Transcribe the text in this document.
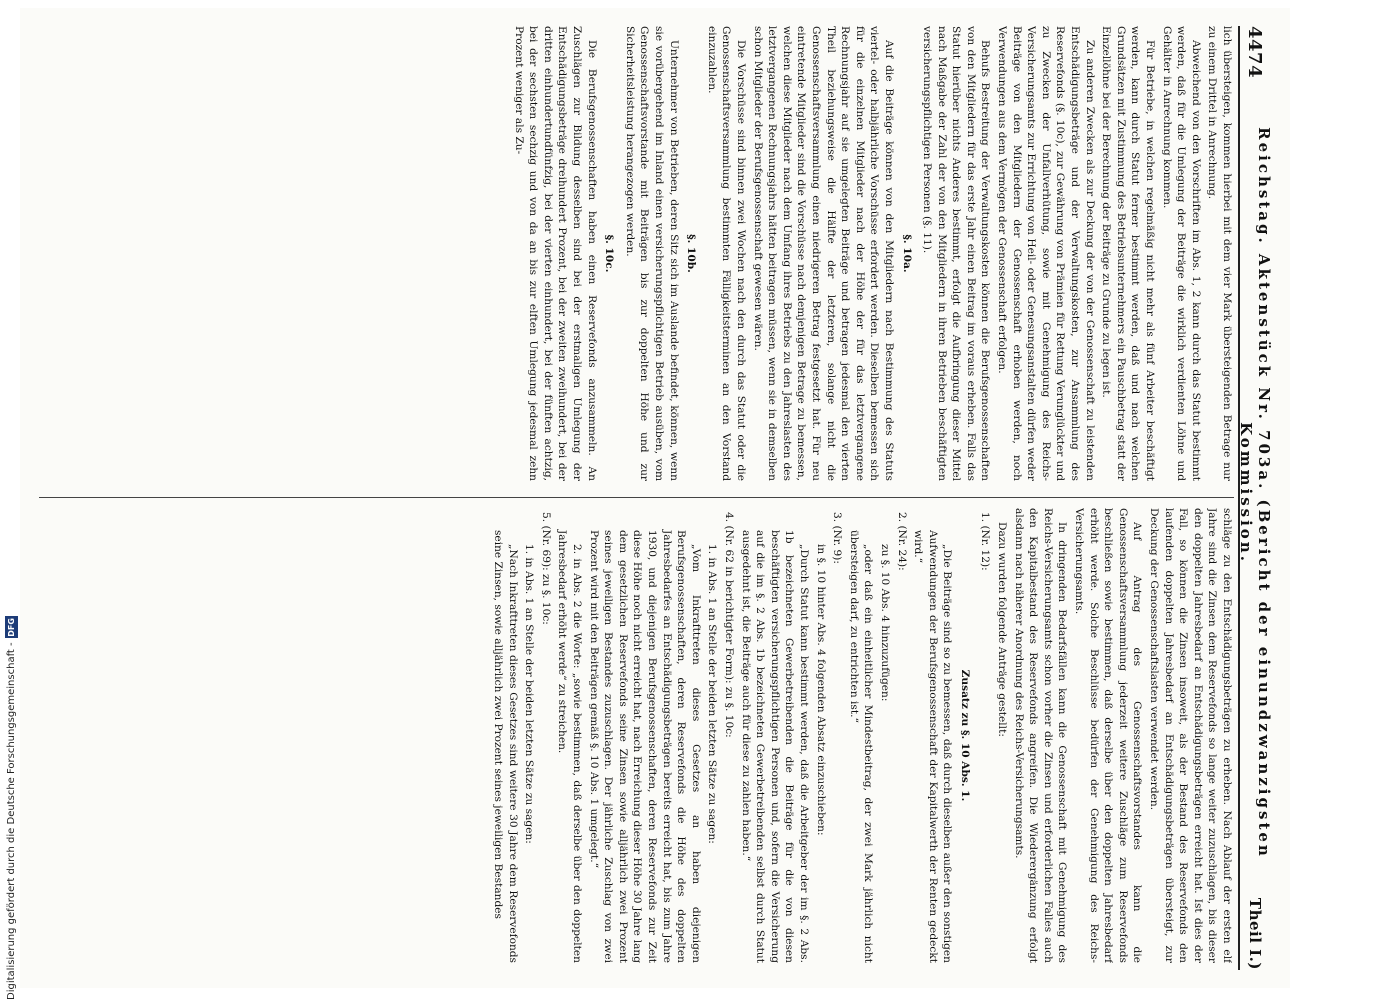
4474
Reichstag. Aktenstück Nr. 703a. (Bericht der einundzwanzigsten Kommission.
Theil I.)

lich übersteigen, kommen hierbei mit dem vier Mark übersteigenden Betrage nur zu einem Drittel in Anrechnung.

Abweichend von den Vorschriften im Abs. 1, 2 kann durch das Statut bestimmt werden, daß für die Umlegung der Beiträge die wirklich verdienten Löhne und Gehälter in Anrechnung kommen.

Für Betriebe, in welchen regelmäßig nicht mehr als fünf Arbeiter beschäftigt werden, kann durch Statut ferner bestimmt werden, daß und nach welchen Grundsätzen mit Zustimmung des Betriebsunternehmers ein Pauschbetrag statt der Einzellöhne bei der Berechnung der Beiträge zu Grunde zu legen ist.

Zu anderen Zwecken als zur Deckung der von der Genossenschaft zu leistenden Entschädigungsbeträge und der Verwaltungskosten, zur Ansammlung des Reservefonds (§. 10c), zur Gewährung von Prämien für Rettung Verunglückter und zu Zwecken der Unfallverhütung, sowie mit Genehmigung des Reichs-Versicherungsamts zur Errichtung von Heil- oder Genesungsanstalten dürfen weder Beiträge von den Mitgliedern der Genossenschaft erhoben werden, noch Verwendungen aus dem Vermögen der Genossenschaft erfolgen.

Behufs Bestreitung der Verwaltungskosten können die Berufsgenossenschaften von den Mitgliedern für das erste Jahr einen Beitrag im voraus erheben. Falls das Statut hierüber nichts Anderes bestimmt, erfolgt die Aufbringung dieser Mittel nach Maßgabe der Zahl der von den Mitgliedern in ihren Betrieben beschäftigten versicherungspflichtigen Personen (§. 11).

§. 10a.

Auf die Beiträge können von den Mitgliedern nach Bestimmung des Statuts viertel- oder halbjährliche Vorschüsse erfordert werden. Dieselben bemessen sich für die einzelnen Mitglieder nach der Höhe der für das letztvergangene Rechnungsjahr auf sie umgelegten Beiträge und betragen jedesmal den vierten Theil beziehungsweise die Hälfte der letzteren, solange nicht die Genossenschaftsversammlung einen niedrigeren Betrag festgesetzt hat. Für neu eintretende Mitglieder sind die Vorschüsse nach demjenigen Betrage zu bemessen, welchen diese Mitglieder nach dem Umfang ihres Betriebs zu den Jahreslasten des letztvergangenen Rechnungsjahrs hätten beitragen müssen, wenn sie in demselben schon Mitglieder der Berufsgenossenschaft gewesen wären.

Die Vorschüsse sind binnen zwei Wochen nach den durch das Statut oder die Genossenschaftsversammlung bestimmten Fälligkeitsterminen an den Vorstand einzuzahlen.

§. 10b.

Unternehmer von Betrieben, deren Sitz sich im Auslande befindet, können, wenn sie vorübergehend im Inland einen versicherungspflichtigen Betrieb ausüben, vom Genossenschaftsvorstande mit Beiträgen bis zur doppelten Höhe und zur Sicherheitsleistung herangezogen werden.

§. 10c.

Die Berufsgenossenschaften haben einen Reservefonds anzusammeln. An Zuschlägen zur Bildung desselben sind bei der erstmaligen Umlegung der Entschädigungsbeträge dreihundert Prozent, bei der zweiten zweihundert, bei der dritten einhundertundfünfzig, bei der vierten einhundert, bei der fünften achtzig, bei der sechsten sechzig und von da an bis zur elften Umlegung jedesmal zehn Prozent weniger als Zu-

schläge zu den Entschädigungsbeträgen zu erheben. Nach Ablauf der ersten elf Jahre sind die Zinsen dem Reservefonds so lange weiter zuzuschlagen, bis dieser den doppelten Jahresbedarf an Entschädigungsbeträgen erreicht hat. Ist dies der Fall, so können die Zinsen insoweit, als der Bestand des Reservefonds den laufenden doppelten Jahresbedarf an Entschädigungsbeträgen übersteigt, zur Deckung der Genossenschaftslasten verwendet werden.

Auf Antrag des Genossenschaftsvorstandes kann die Genossenschaftsversammlung jederzeit weitere Zuschläge zum Reservefonds beschließen sowie bestimmen, daß derselbe über den doppelten Jahresbedarf erhöht werde. Solche Beschlüsse bedürfen der Genehmigung des Reichs-Versicherungsamts.

In dringenden Bedarfsfällen kann die Genossenschaft mit Genehmigung des Reichs-Versicherungsamts schon vorher die Zinsen und erforderlichen Falles auch den Kapitalbestand des Reservefonds angreifen. Die Wiederergänzung erfolgt alsdann nach näherer Anordnung des Reichs-Versicherungsamts.

Dazu wurden folgende Anträge gestellt:

1. (Nr. 12):

Zusatz zu §. 10 Abs. 1.

„Die Beiträge sind so zu bemessen, daß durch dieselben außer den sonstigen Aufwendungen der Berufsgenossenschaft der Kapitalwerth der Renten gedeckt wird.“

2. (Nr. 24):

zu §. 10 Abs. 4 hinzuzufügen:

„oder daß ein einheitlicher Mindestbeitrag, der zwei Mark jährlich nicht übersteigen darf, zu entrichten ist.“

3. (Nr. 9):

in §. 10 hinter Abs. 4 folgenden Absatz einzuschieben:

„Durch Statut kann bestimmt werden, daß die Arbeitgeber der im §. 2 Abs. 1b bezeichneten Gewerbetreibenden die Beiträge für die von diesen beschäftigten versicherungspflichtigen Personen und, sofern die Versicherung auf die im §. 2 Abs. 1b bezeichneten Gewerbetreibenden selbst durch Statut ausgedehnt ist, die Beiträge auch für diese zu zahlen haben.“

4. (Nr. 62 in berichtigter Form): zu §. 10c:

1. in Abs. 1 an Stelle der beiden letzten Sätze zu sagen:

„Vom Inkrafttreten dieses Gesetzes an haben diejenigen Berufsgenossenschaften, deren Reservefonds die Höhe des doppelten Jahresbedarfes an Entschädigungsbeträgen bereits erreicht hat, bis zum Jahre 1930, und diejenigen Berufsgenossenschaften, deren Reservefonds zur Zeit diese Höhe noch nicht erreicht hat, nach Erreichung dieser Höhe 30 Jahre lang dem gesetzlichen Reservefonds seine Zinsen sowie alljährlich zwei Prozent seines jeweiligen Bestandes zuzuschlagen. Der jährliche Zuschlag von zwei Prozent wird mit den Beiträgen gemäß §. 10 Abs. 1 umgelegt.“

2. in Abs. 2 die Worte: „sowie bestimmen, daß derselbe über den doppelten Jahresbedarf erhöht werde“ zu streichen.

5. (Nr. 69): zu §. 10c:

1. in Abs. 1 an Stelle der beiden letzten Sätze zu sagen:

„Nach Inkrafttreten dieses Gesetzes sind weitere 30 Jahre dem Reservefonds seine Zinsen, sowie alljährlich zwei Prozent seines jeweiligen Bestandes

Digitalisierung gefördert durch die Deutsche Forschungsgemeinschaft -
DFG
